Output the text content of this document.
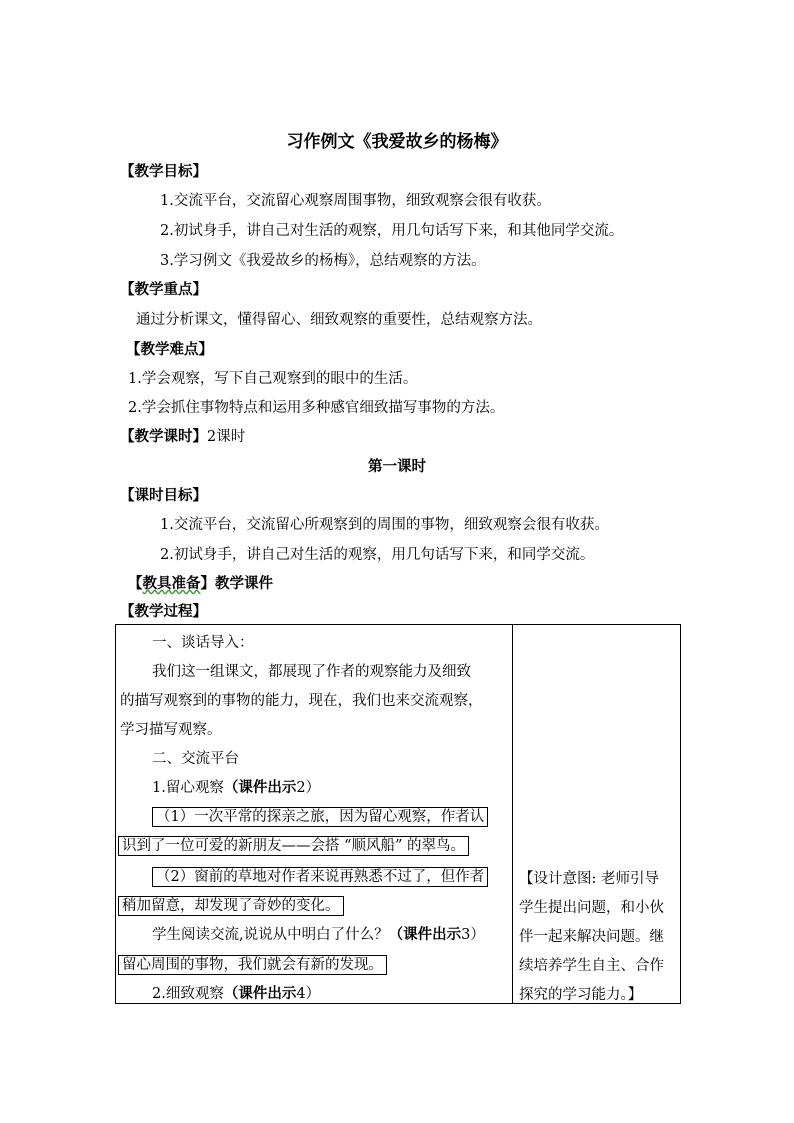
习作例文《我爱故乡的杨梅》
【教学目标】
1.交流平台，交流留心观察周围事物，细致观察会很有收获。
2.初试身手，讲自己对生活的观察，用几句话写下来，和其他同学交流。
3.学习例文《我爱故乡的杨梅》，总结观察的方法。
【教学重点】
通过分析课文，懂得留心、细致观察的重要性，总结观察方法。
【教学难点】
1.学会观察，写下自己观察到的眼中的生活。
2.学会抓住事物特点和运用多种感官细致描写事物的方法。
【教学课时】2课时
第一课时
【课时目标】
1.交流平台，交流留心所观察到的周围的事物，细致观察会很有收获。
2.初试身手，讲自己对生活的观察，用几句话写下来，和同学交流。
【教具准备】教学课件
【教学过程】
一、谈话导入：
我们这一组课文，都展现了作者的观察能力及细致
的描写观察到的事物的能力，现在，我们也来交流观察，
学习描写观察。
二、交流平台
1.留心观察（课件出示2）
（1）一次平常的探亲之旅，因为留心观察，作者认
识到了一位可爱的新朋友——会搭 “顺风船” 的翠鸟。
（2）窗前的草地对作者来说再熟悉不过了，但作者
稍加留意，却发现了奇妙的变化。
学生阅读交流,说说从中明白了什么？（课件出示3）
留心周围的事物，我们就会有新的发现。
2.细致观察（课件出示4）
【设计意图: 老师引导
学生提出问题，和小伙
伴一起来解决问题。继
续培养学生自主、合作
探究的学习能力。】
